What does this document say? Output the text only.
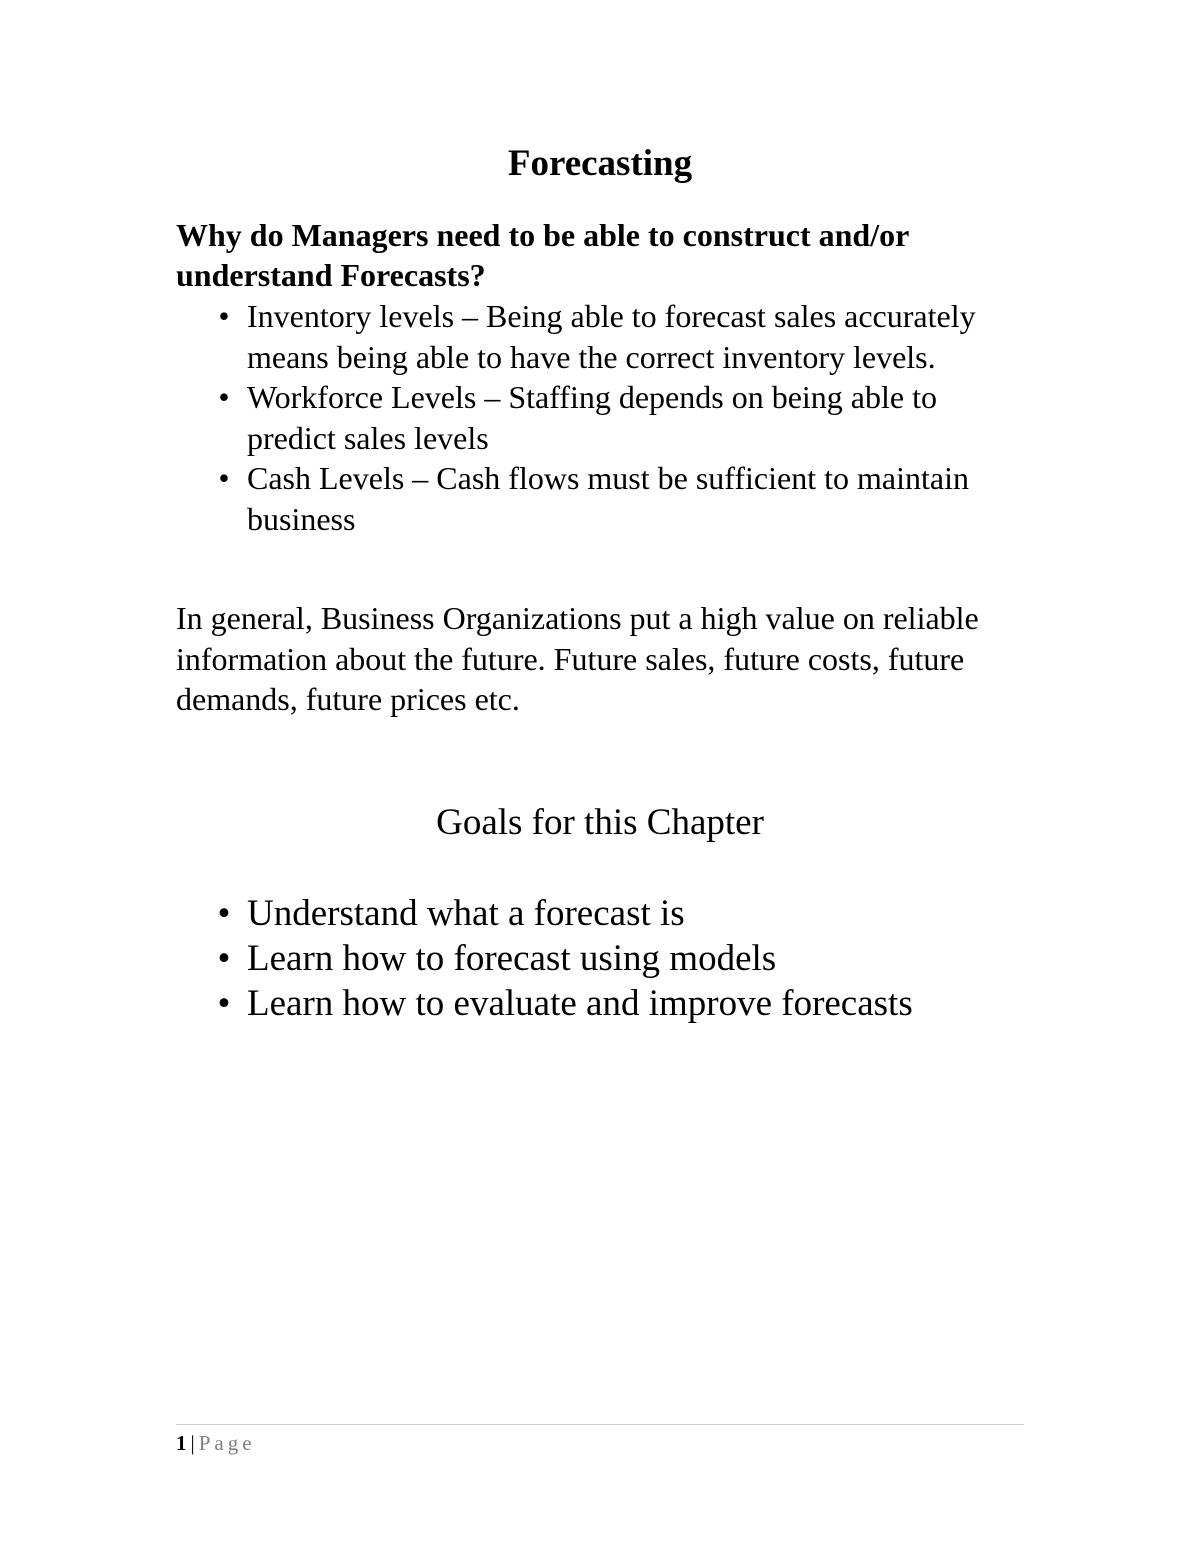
Forecasting
Why do Managers need to be able to construct and/or understand Forecasts?
• Inventory levels – Being able to forecast sales accurately means being able to have the correct inventory levels.
• Workforce Levels – Staffing depends on being able to predict sales levels
• Cash Levels – Cash flows must be sufficient to maintain business

In general, Business Organizations put a high value on reliable information about the future. Future sales, future costs, future demands, future prices etc.

Goals for this Chapter
• Understand what a forecast is
• Learn how to forecast using models
• Learn how to evaluate and improve forecasts

1 | Page
